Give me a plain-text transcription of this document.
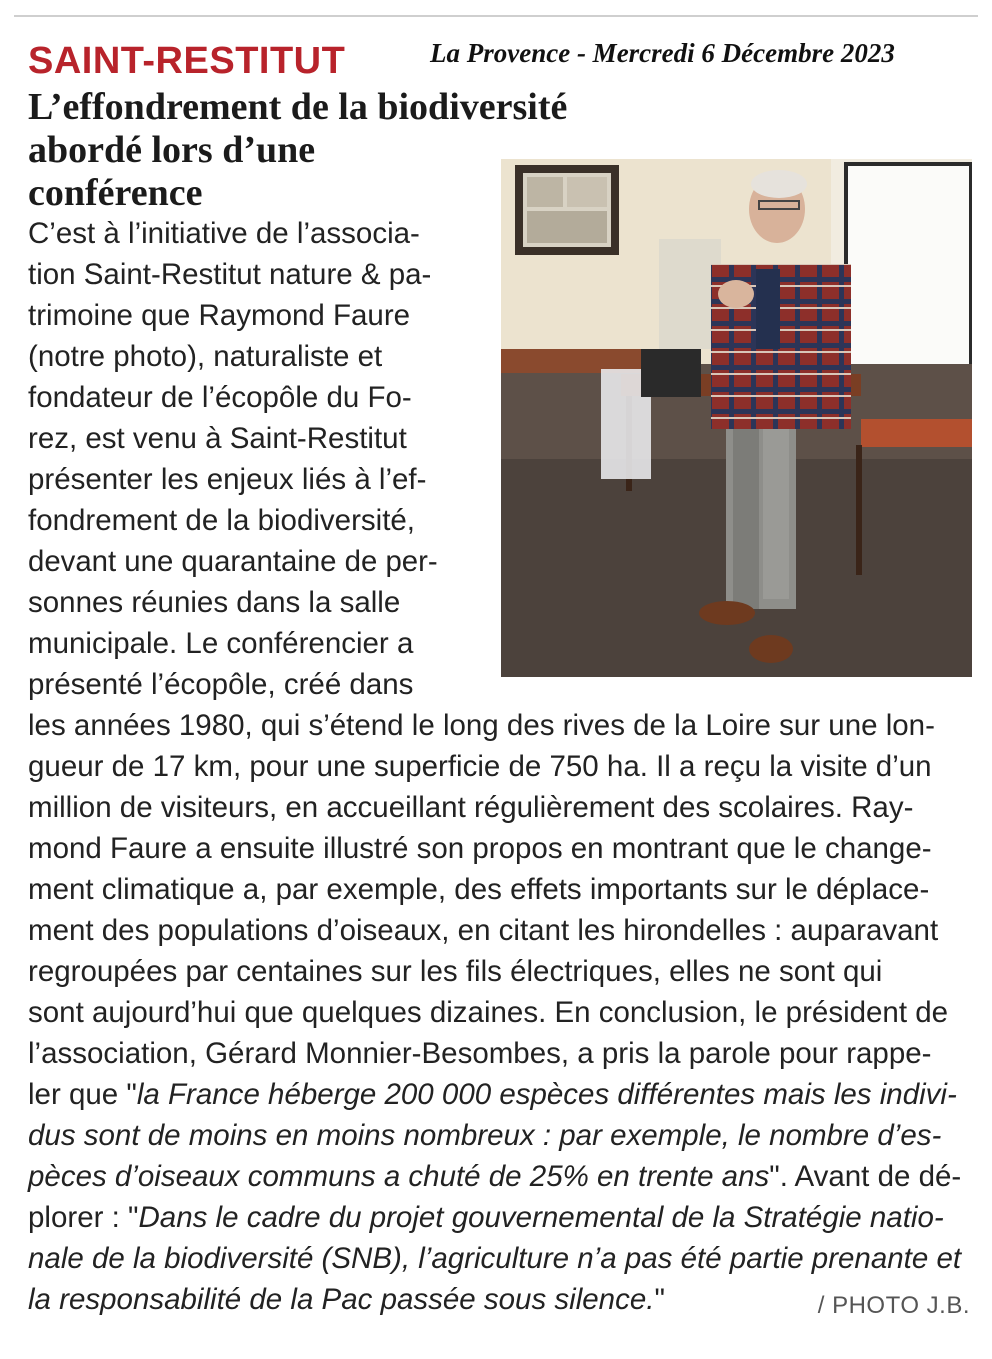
SAINT-RESTITUT	La Provence - Mercredi 6 Décembre 2023
L’effondrement de la biodiversité
abordé lors d’une
conférence
C’est à l’initiative de l’associa-
tion Saint-Restitut nature & pa-
trimoine que Raymond Faure
(notre photo), naturaliste et
fondateur de l’écopôle du Fo-
rez, est venu à Saint-Restitut
présenter les enjeux liés à l’ef-
fondrement de la biodiversité,
devant une quarantaine de per-
sonnes réunies dans la salle
municipale. Le conférencier a
présenté l’écopôle, créé dans
les années 1980, qui s’étend le long des rives de la Loire sur une lon-
gueur de 17 km, pour une superficie de 750 ha. Il a reçu la visite d’un
million de visiteurs, en accueillant régulièrement des scolaires. Ray-
mond Faure a ensuite illustré son propos en montrant que le change-
ment climatique a, par exemple, des effets importants sur le déplace-
ment des populations d’oiseaux, en citant les hirondelles : auparavant
regroupées par centaines sur les fils électriques, elles ne sont qui
sont aujourd’hui que quelques dizaines. En conclusion, le président de
l’association, Gérard Monnier-Besombes, a pris la parole pour rappe-
ler que "la France héberge 200 000 espèces différentes mais les indivi-
dus sont de moins en moins nombreux : par exemple, le nombre d’es-
pèces d’oiseaux communs a chuté de 25% en trente ans". Avant de dé-
plorer : "Dans le cadre du projet gouvernemental de la Stratégie natio-
nale de la biodiversité (SNB), l’agriculture n’a pas été partie prenante et
la responsabilité de la Pac passée sous silence."	/ PHOTO J.B.
